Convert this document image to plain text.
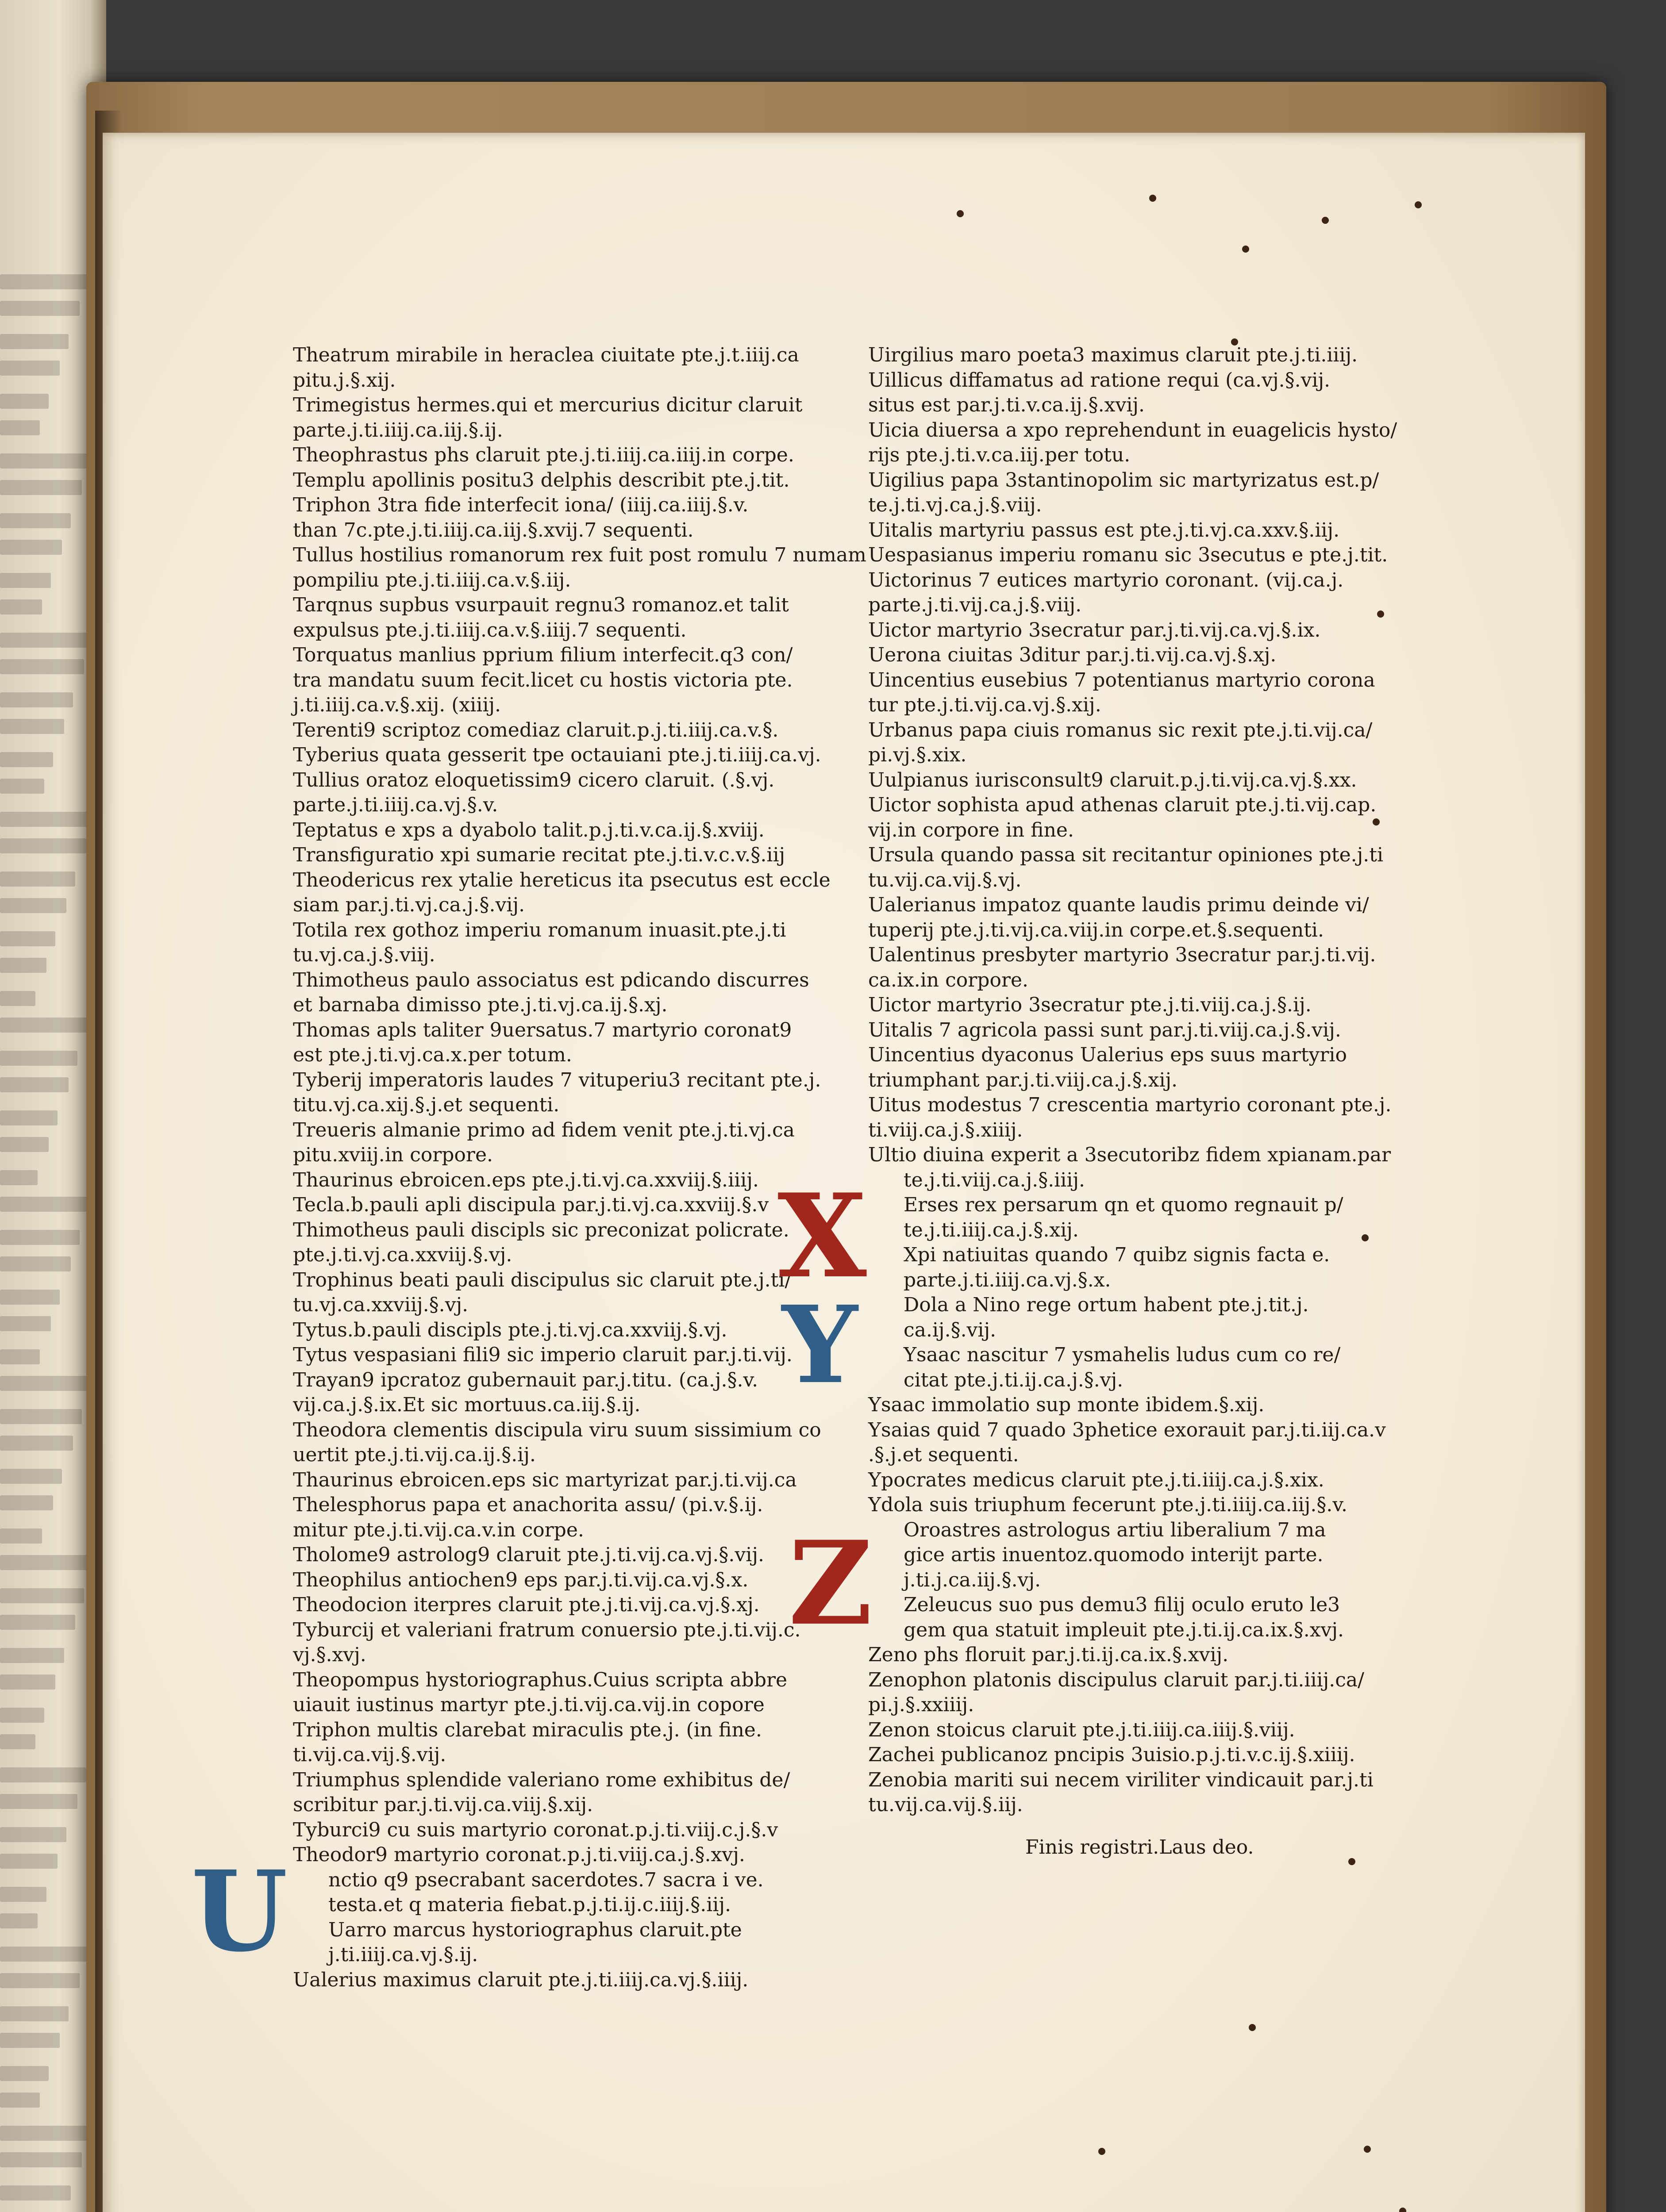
Theatrum mirabile in heraclea ciuitate pte.j.t.iiij.ca
pitu.j.§.xij.
Trimegistus hermes.qui et mercurius dicitur claruit
parte.j.ti.iiij.ca.iij.§.ij.
Theophrastus phs claruit pte.j.ti.iiij.ca.iiij.in corpe.
Templu apollinis positu3 delphis describit pte.j.tit.
Triphon 3tra fide interfecit iona/ (iiij.ca.iiij.§.v.
than 7c.pte.j.ti.iiij.ca.iij.§.xvij.7 sequenti.
Tullus hostilius romanorum rex fuit post romulu 7 numam
pompiliu pte.j.ti.iiij.ca.v.§.iij.
Tarqnus supbus vsurpauit regnu3 romanoz.et talit
expulsus pte.j.ti.iiij.ca.v.§.iiij.7 sequenti.
Torquatus manlius pprium filium interfecit.q3 con/
tra mandatu suum fecit.licet cu hostis victoria pte.
j.ti.iiij.ca.v.§.xij. (xiiij.
Terenti9 scriptoz comediaz claruit.p.j.ti.iiij.ca.v.§.
Tyberius quata gesserit tpe octauiani pte.j.ti.iiij.ca.vj.
Tullius oratoz eloquetissim9 cicero claruit. (.§.vj.
parte.j.ti.iiij.ca.vj.§.v.
Teptatus e xps a dyabolo talit.p.j.ti.v.ca.ij.§.xviij.
Transfiguratio xpi sumarie recitat pte.j.ti.v.c.v.§.iij
Theodericus rex ytalie hereticus ita psecutus est eccle
siam par.j.ti.vj.ca.j.§.vij.
Totila rex gothoz imperiu romanum inuasit.pte.j.ti
tu.vj.ca.j.§.viij.
Thimotheus paulo associatus est pdicando discurres
et barnaba dimisso pte.j.ti.vj.ca.ij.§.xj.
Thomas apls taliter 9uersatus.7 martyrio coronat9
est pte.j.ti.vj.ca.x.per totum.
Tyberij imperatoris laudes 7 vituperiu3 recitant pte.j.
titu.vj.ca.xij.§.j.et sequenti.
Treueris almanie primo ad fidem venit pte.j.ti.vj.ca
pitu.xviij.in corpore.
Thaurinus ebroicen.eps pte.j.ti.vj.ca.xxviij.§.iiij.
Tecla.b.pauli apli discipula par.j.ti.vj.ca.xxviij.§.v
Thimotheus pauli discipls sic preconizat policrate.
pte.j.ti.vj.ca.xxviij.§.vj.
Trophinus beati pauli discipulus sic claruit pte.j.ti/
tu.vj.ca.xxviij.§.vj.
Tytus.b.pauli discipls pte.j.ti.vj.ca.xxviij.§.vj.
Tytus vespasiani fili9 sic imperio claruit par.j.ti.vij.
Trayan9 ipcratoz gubernauit par.j.titu. (ca.j.§.v.
vij.ca.j.§.ix.Et sic mortuus.ca.iij.§.ij.
Theodora clementis discipula viru suum sissimium co
uertit pte.j.ti.vij.ca.ij.§.ij.
Thaurinus ebroicen.eps sic martyrizat par.j.ti.vij.ca
Thelesphorus papa et anachorita assu/ (pi.v.§.ij.
mitur pte.j.ti.vij.ca.v.in corpe.
Tholome9 astrolog9 claruit pte.j.ti.vij.ca.vj.§.vij.
Theophilus antiochen9 eps par.j.ti.vij.ca.vj.§.x.
Theodocion iterpres claruit pte.j.ti.vij.ca.vj.§.xj.
Tyburcij et valeriani fratrum conuersio pte.j.ti.vij.c.
vj.§.xvj.
Theopompus hystoriographus.Cuius scripta abbre
uiauit iustinus martyr pte.j.ti.vij.ca.vij.in copore
Triphon multis clarebat miraculis pte.j. (in fine.
ti.vij.ca.vij.§.vij.
Triumphus splendide valeriano rome exhibitus de/
scribitur par.j.ti.vij.ca.viij.§.xij.
Tyburci9 cu suis martyrio coronat.p.j.ti.viij.c.j.§.v
Theodor9 martyrio coronat.p.j.ti.viij.ca.j.§.xvj.
nctio q9 psecrabant sacerdotes.7 sacra i ve.
testa.et q materia fiebat.p.j.ti.ij.c.iiij.§.iij.
Uarro marcus hystoriographus claruit.pte
j.ti.iiij.ca.vj.§.ij.
Ualerius maximus claruit pte.j.ti.iiij.ca.vj.§.iiij.
Uirgilius maro poeta3 maximus claruit pte.j.ti.iiij.
Uillicus diffamatus ad ratione requi (ca.vj.§.vij.
situs est par.j.ti.v.ca.ij.§.xvij.
Uicia diuersa a xpo reprehendunt in euagelicis hysto/
rijs pte.j.ti.v.ca.iij.per totu.
Uigilius papa 3stantinopolim sic martyrizatus est.p/
te.j.ti.vj.ca.j.§.viij.
Uitalis martyriu passus est pte.j.ti.vj.ca.xxv.§.iij.
Uespasianus imperiu romanu sic 3secutus e pte.j.tit.
Uictorinus 7 eutices martyrio coronant. (vij.ca.j.
parte.j.ti.vij.ca.j.§.viij.
Uictor martyrio 3secratur par.j.ti.vij.ca.vj.§.ix.
Uerona ciuitas 3ditur par.j.ti.vij.ca.vj.§.xj.
Uincentius eusebius 7 potentianus martyrio corona
tur pte.j.ti.vij.ca.vj.§.xij.
Urbanus papa ciuis romanus sic rexit pte.j.ti.vij.ca/
pi.vj.§.xix.
Uulpianus iurisconsult9 claruit.p.j.ti.vij.ca.vj.§.xx.
Uictor sophista apud athenas claruit pte.j.ti.vij.cap.
vij.in corpore in fine.
Ursula quando passa sit recitantur opiniones pte.j.ti
tu.vij.ca.vij.§.vj.
Ualerianus impatoz quante laudis primu deinde vi/
tuperij pte.j.ti.vij.ca.viij.in corpe.et.§.sequenti.
Ualentinus presbyter martyrio 3secratur par.j.ti.vij.
ca.ix.in corpore.
Uictor martyrio 3secratur pte.j.ti.viij.ca.j.§.ij.
Uitalis 7 agricola passi sunt par.j.ti.viij.ca.j.§.vij.
Uincentius dyaconus Ualerius eps suus martyrio
triumphant par.j.ti.viij.ca.j.§.xij.
Uitus modestus 7 crescentia martyrio coronant pte.j.
ti.viij.ca.j.§.xiiij.
Ultio diuina experit a 3secutoribz fidem xpianam.par
te.j.ti.viij.ca.j.§.iiij.
Erses rex persarum qn et quomo regnauit p/
te.j.ti.iiij.ca.j.§.xij.
Xpi natiuitas quando 7 quibz signis facta e.
parte.j.ti.iiij.ca.vj.§.x.
Dola a Nino rege ortum habent pte.j.tit.j.
ca.ij.§.vij.
Ysaac nascitur 7 ysmahelis ludus cum co re/
citat pte.j.ti.ij.ca.j.§.vj.
Ysaac immolatio sup monte ibidem.§.xij.
Ysaias quid 7 quado 3phetice exorauit par.j.ti.iij.ca.v
.§.j.et sequenti.
Ypocrates medicus claruit pte.j.ti.iiij.ca.j.§.xix.
Ydola suis triuphum fecerunt pte.j.ti.iiij.ca.iij.§.v.
Oroastres astrologus artiu liberalium 7 ma
gice artis inuentoz.quomodo interijt parte.
j.ti.j.ca.iij.§.vj.
Zeleucus suo pus demu3 filij oculo eruto le3
gem qua statuit impleuit pte.j.ti.ij.ca.ix.§.xvj.
Zeno phs floruit par.j.ti.ij.ca.ix.§.xvij.
Zenophon platonis discipulus claruit par.j.ti.iiij.ca/
pi.j.§.xxiiij.
Zenon stoicus claruit pte.j.ti.iiij.ca.iiij.§.viij.
Zachei publicanoz pncipis 3uisio.p.j.ti.v.c.ij.§.xiiij.
Zenobia mariti sui necem viriliter vindicauit par.j.ti
tu.vij.ca.vij.§.iij.
U
X
Y
Z
Finis registri.Laus deo.
